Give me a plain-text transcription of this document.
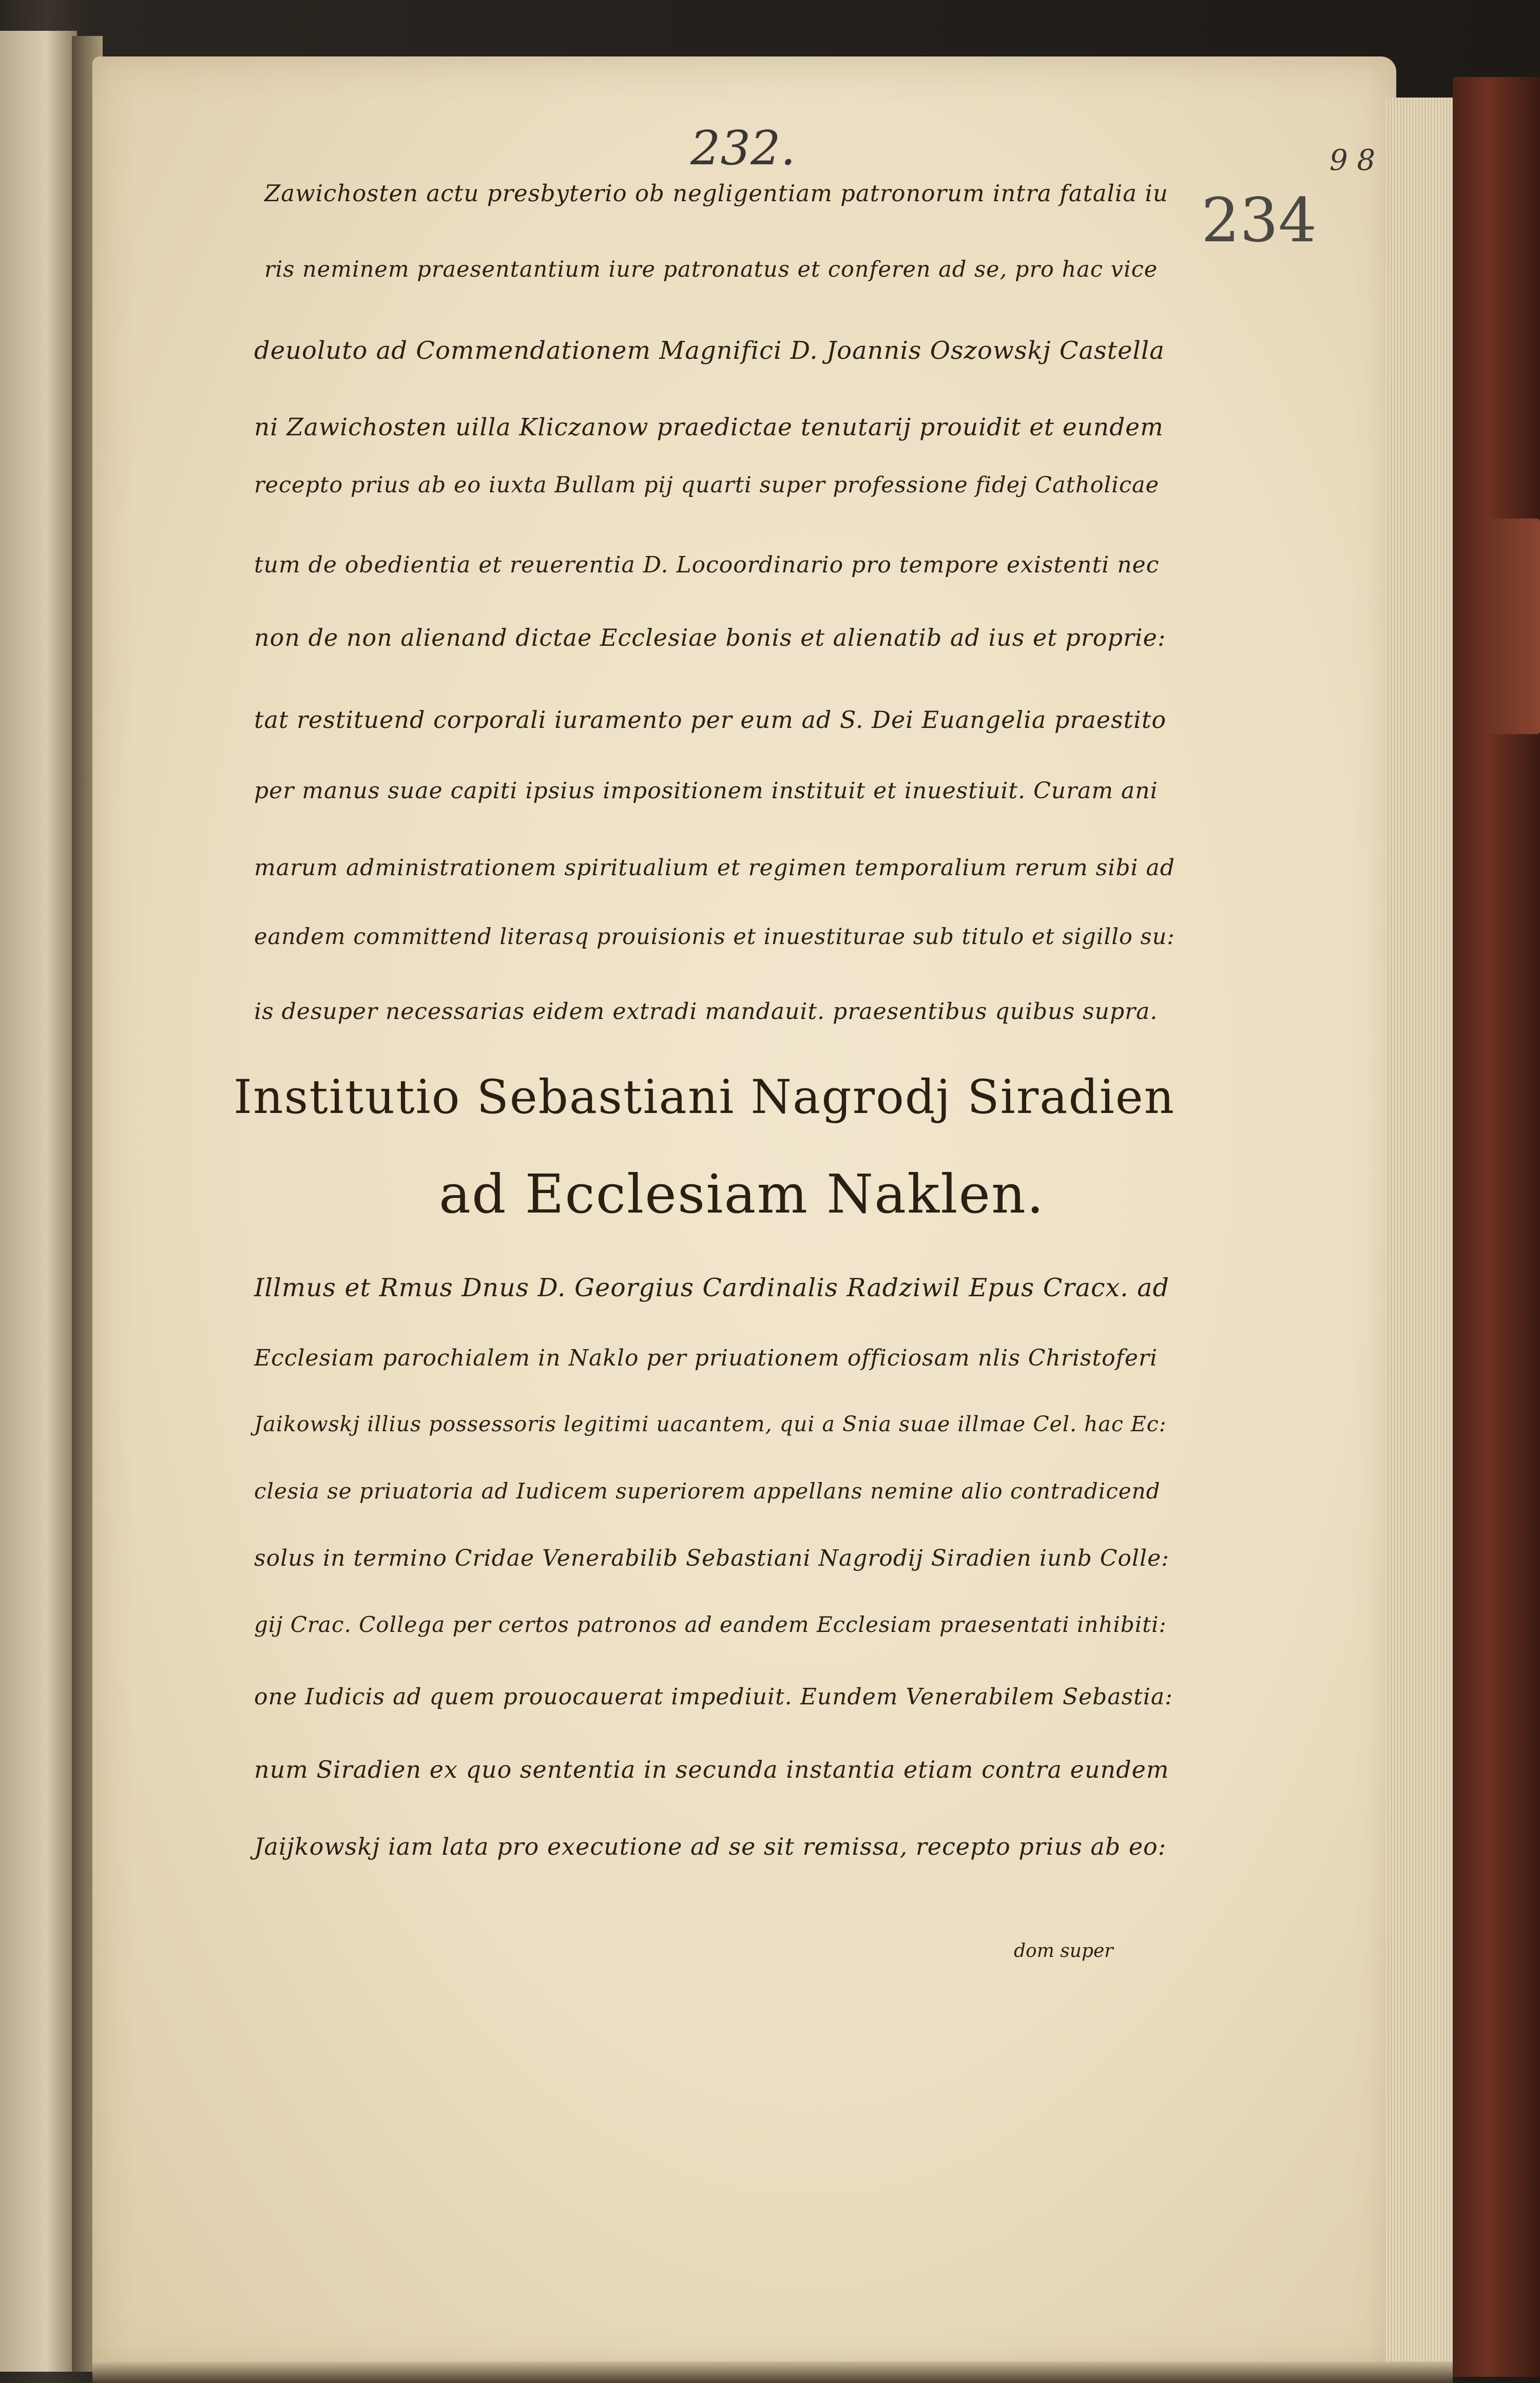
232.	9 8
234
Zawichosten actu presbyterio ob negligentiam patronorum intra fatalia iu
ris neminem praesentantium iure patronatus et conferen ad se, pro hac vice
deuoluto ad Commendationem Magnifici D. Joannis Oszowskj Castella
ni Zawichosten uilla Kliczanow praedictae tenutarij prouidit et eundem
recepto prius ab eo iuxta Bullam pij quarti super professione fidej Catholicae
tum de obedientia et reuerentia D. Locoordinario pro tempore existenti nec
non de non alienand dictae Ecclesiae bonis et alienatib ad ius et proprie:
tat restituend corporali iuramento per eum ad S. Dei Euangelia praestito
per manus suae capiti ipsius impositionem instituit et inuestiuit. Curam ani
marum administrationem spiritualium et regimen temporalium rerum sibi ad
eandem committend literasq prouisionis et inuestiturae sub titulo et sigillo su:
is desuper necessarias eidem extradi mandauit. praesentibus quibus supra.
Institutio Sebastiani Nagrodj Siradien
ad Ecclesiam Naklen.
Illmus et Rmus Dnus D. Georgius Cardinalis Radziwil Epus Cracx. ad
Ecclesiam parochialem in Naklo per priuationem officiosam nlis Christoferi
Jaikowskj illius possessoris legitimi uacantem, qui a Snia suae illmae Cel. hac Ec:
clesia se priuatoria ad Iudicem superiorem appellans nemine alio contradicend
solus in termino Cridae Venerabilib Sebastiani Nagrodij Siradien iunb Colle:
gij Crac. Collega per certos patronos ad eandem Ecclesiam praesentati inhibiti:
one Iudicis ad quem prouocauerat impediuit. Eundem Venerabilem Sebastia:
num Siradien ex quo sententia in secunda instantia etiam contra eundem
Jaijkowskj iam lata pro executione ad se sit remissa, recepto prius ab eo:
dom super
